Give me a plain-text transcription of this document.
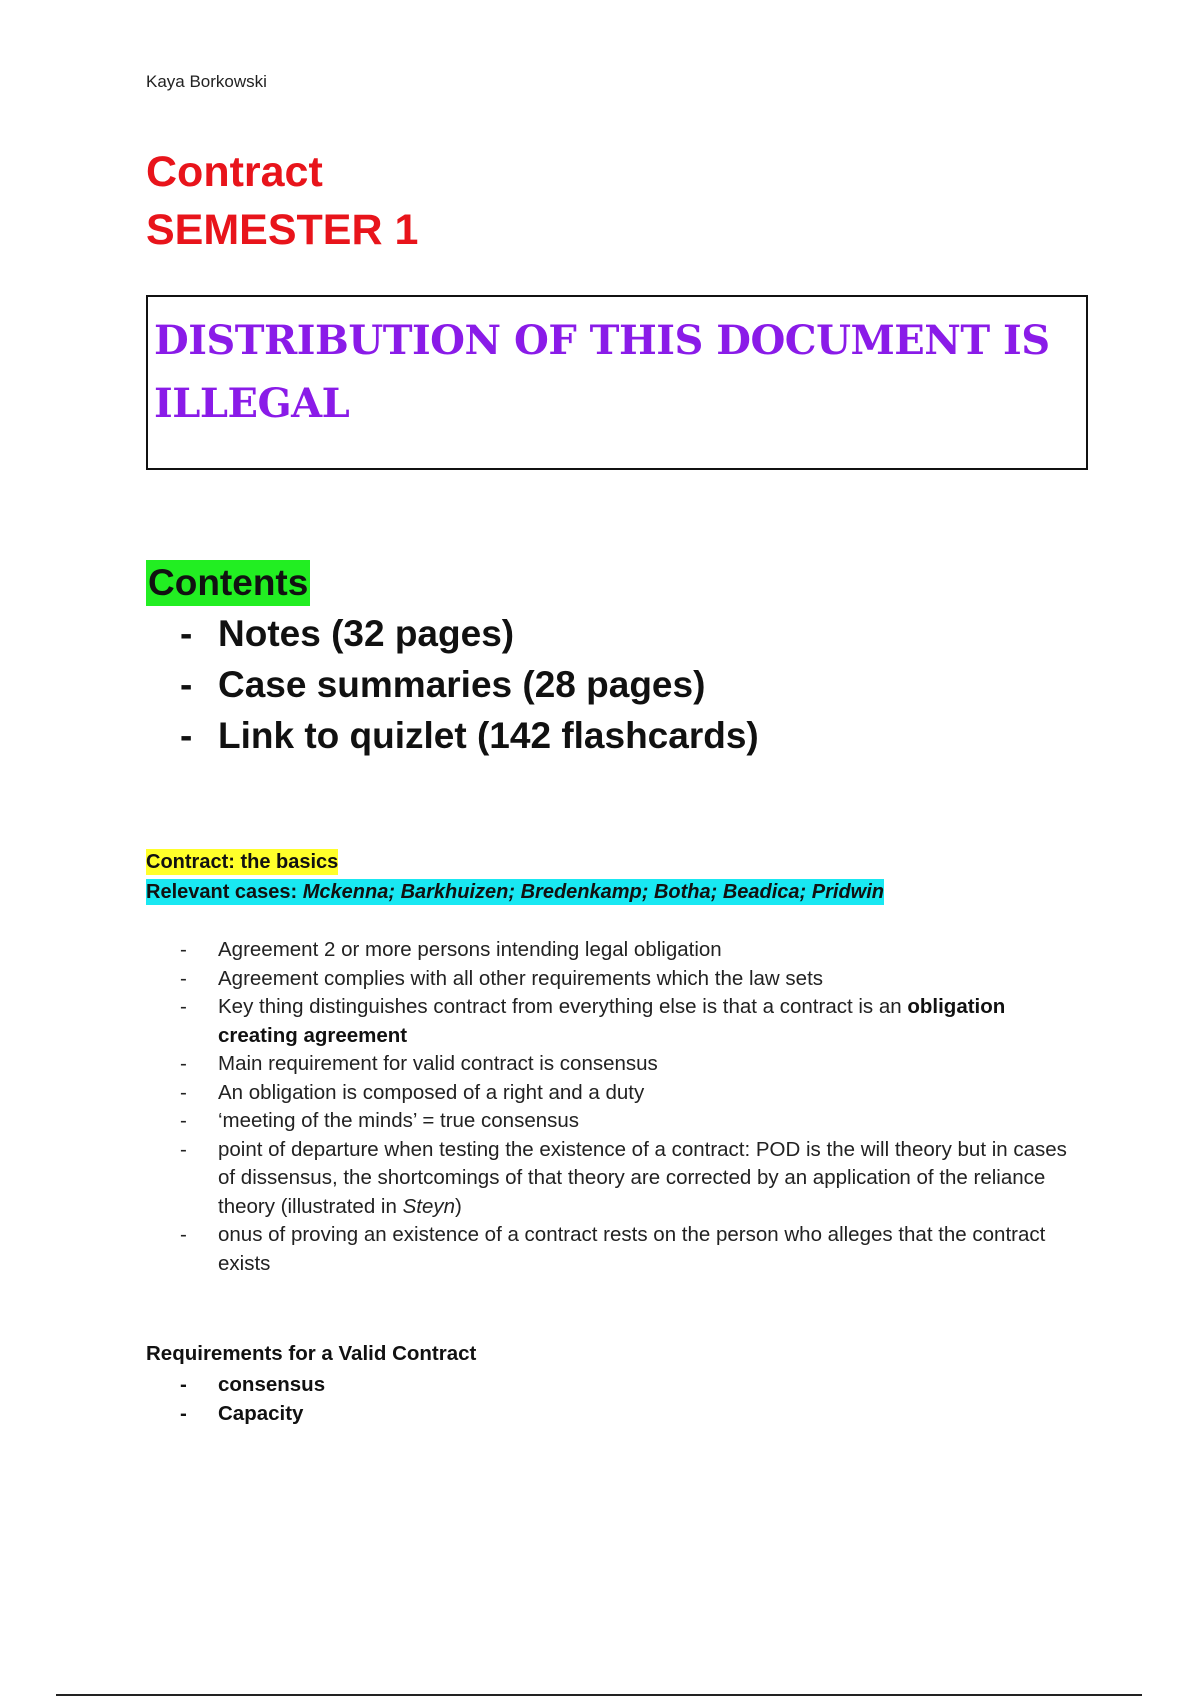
Kaya Borkowski
Contract
SEMESTER 1
DISTRIBUTION OF THIS DOCUMENT IS ILLEGAL
Contents
- Notes (32 pages)
- Case summaries (28 pages)
- Link to quizlet (142 flashcards)
Contract: the basics
Relevant cases: Mckenna; Barkhuizen; Bredenkamp; Botha; Beadica; Pridwin
- Agreement 2 or more persons intending legal obligation
- Agreement complies with all other requirements which the law sets
- Key thing distinguishes contract from everything else is that a contract is an obligation creating agreement
- Main requirement for valid contract is consensus
- An obligation is composed of a right and a duty
- ‘meeting of the minds’ = true consensus
- point of departure when testing the existence of a contract: POD is the will theory but in cases of dissensus, the shortcomings of that theory are corrected by an application of the reliance theory (illustrated in Steyn)
- onus of proving an existence of a contract rests on the person who alleges that the contract exists
Requirements for a Valid Contract
- consensus
- Capacity
